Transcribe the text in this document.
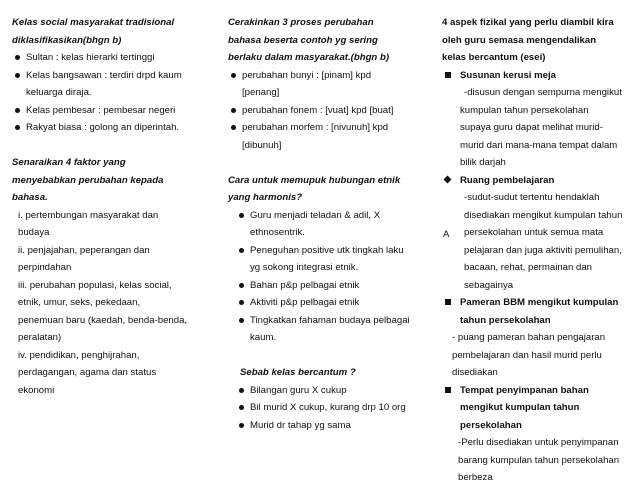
Kelas social masyarakat tradisional
diklasifikasikan(bhgn b)
Sultan : kelas hierarki tertinggi
Kelas bangsawan : terdiri drpd kaum
keluarga diraja.
Kelas pembesar : pembesar negeri
Rakyat biasa : golong an diperintah.
Senaraikan 4 faktor yang
menyebabkan perubahan kepada
bahasa.
i. pertembungan masyarakat dan
budaya
ii. penjajahan, peperangan dan
perpindahan
iii. perubahan populasi, kelas social,
etnik, umur, seks, pekedaan,
penemuan baru (kaedah, benda-benda,
peralatan)
iv. pendidikan, penghijrahan,
perdagangan, agama dan status
ekonomi
Cerakinkan 3 proses perubahan
bahasa beserta contoh yg sering
berlaku dalam masyarakat.(bhgn b)
perubahan bunyi : [pinam] kpd
[penang]
perubahan fonem : [vuat] kpd [buat]
perubahan morfem : [nivunuh] kpd
[dibunuh]
Cara untuk memupuk hubungan etnik
yang harmonis?
Guru menjadi teladan & adil, X
ethnosentrik.
Peneguhan positive utk tingkah laku
yg sokong integrasi etnik.
Bahan p&p pelbagai etnik
Aktiviti p&p pelbagai etnik
Tingkatkan fahaman budaya pelbagai
kaum.
Sebab kelas bercantum ?
Bilangan guru X cukup
Bil murid X cukup, kurang drp 10 org
Murid dr tahap yg sama
4 aspek fizikal yang perlu diambil kira
oleh guru semasa mengendalikan
kelas bercantum (esei)
Susunan kerusi meja
-disusun dengan sempurna mengikut
kumpulan tahun persekolahan
supaya guru dapat melihat murid-
murid dari mana-mana tempat dalam
bilik darjah
Ruang pembelajaran
-sudut-sudut tertentu hendaklah
disediakan mengikut kumpulan tahun
persekolahan untuk semua mata
pelajaran dan juga aktiviti pemulihan,
bacaan, rehat, permainan dan
sebagainya
Pameran BBM mengikut kumpulan
tahun persekolahan
- puang pameran bahan pengajaran
pembelajaran dan hasil murid perlu
disediakan
Tempat penyimpanan bahan
mengikut kumpulan tahun
persekolahan
-Perlu disediakan untuk penyimpanan
barang kumpulan tahun persekolahan
berbeza
A
